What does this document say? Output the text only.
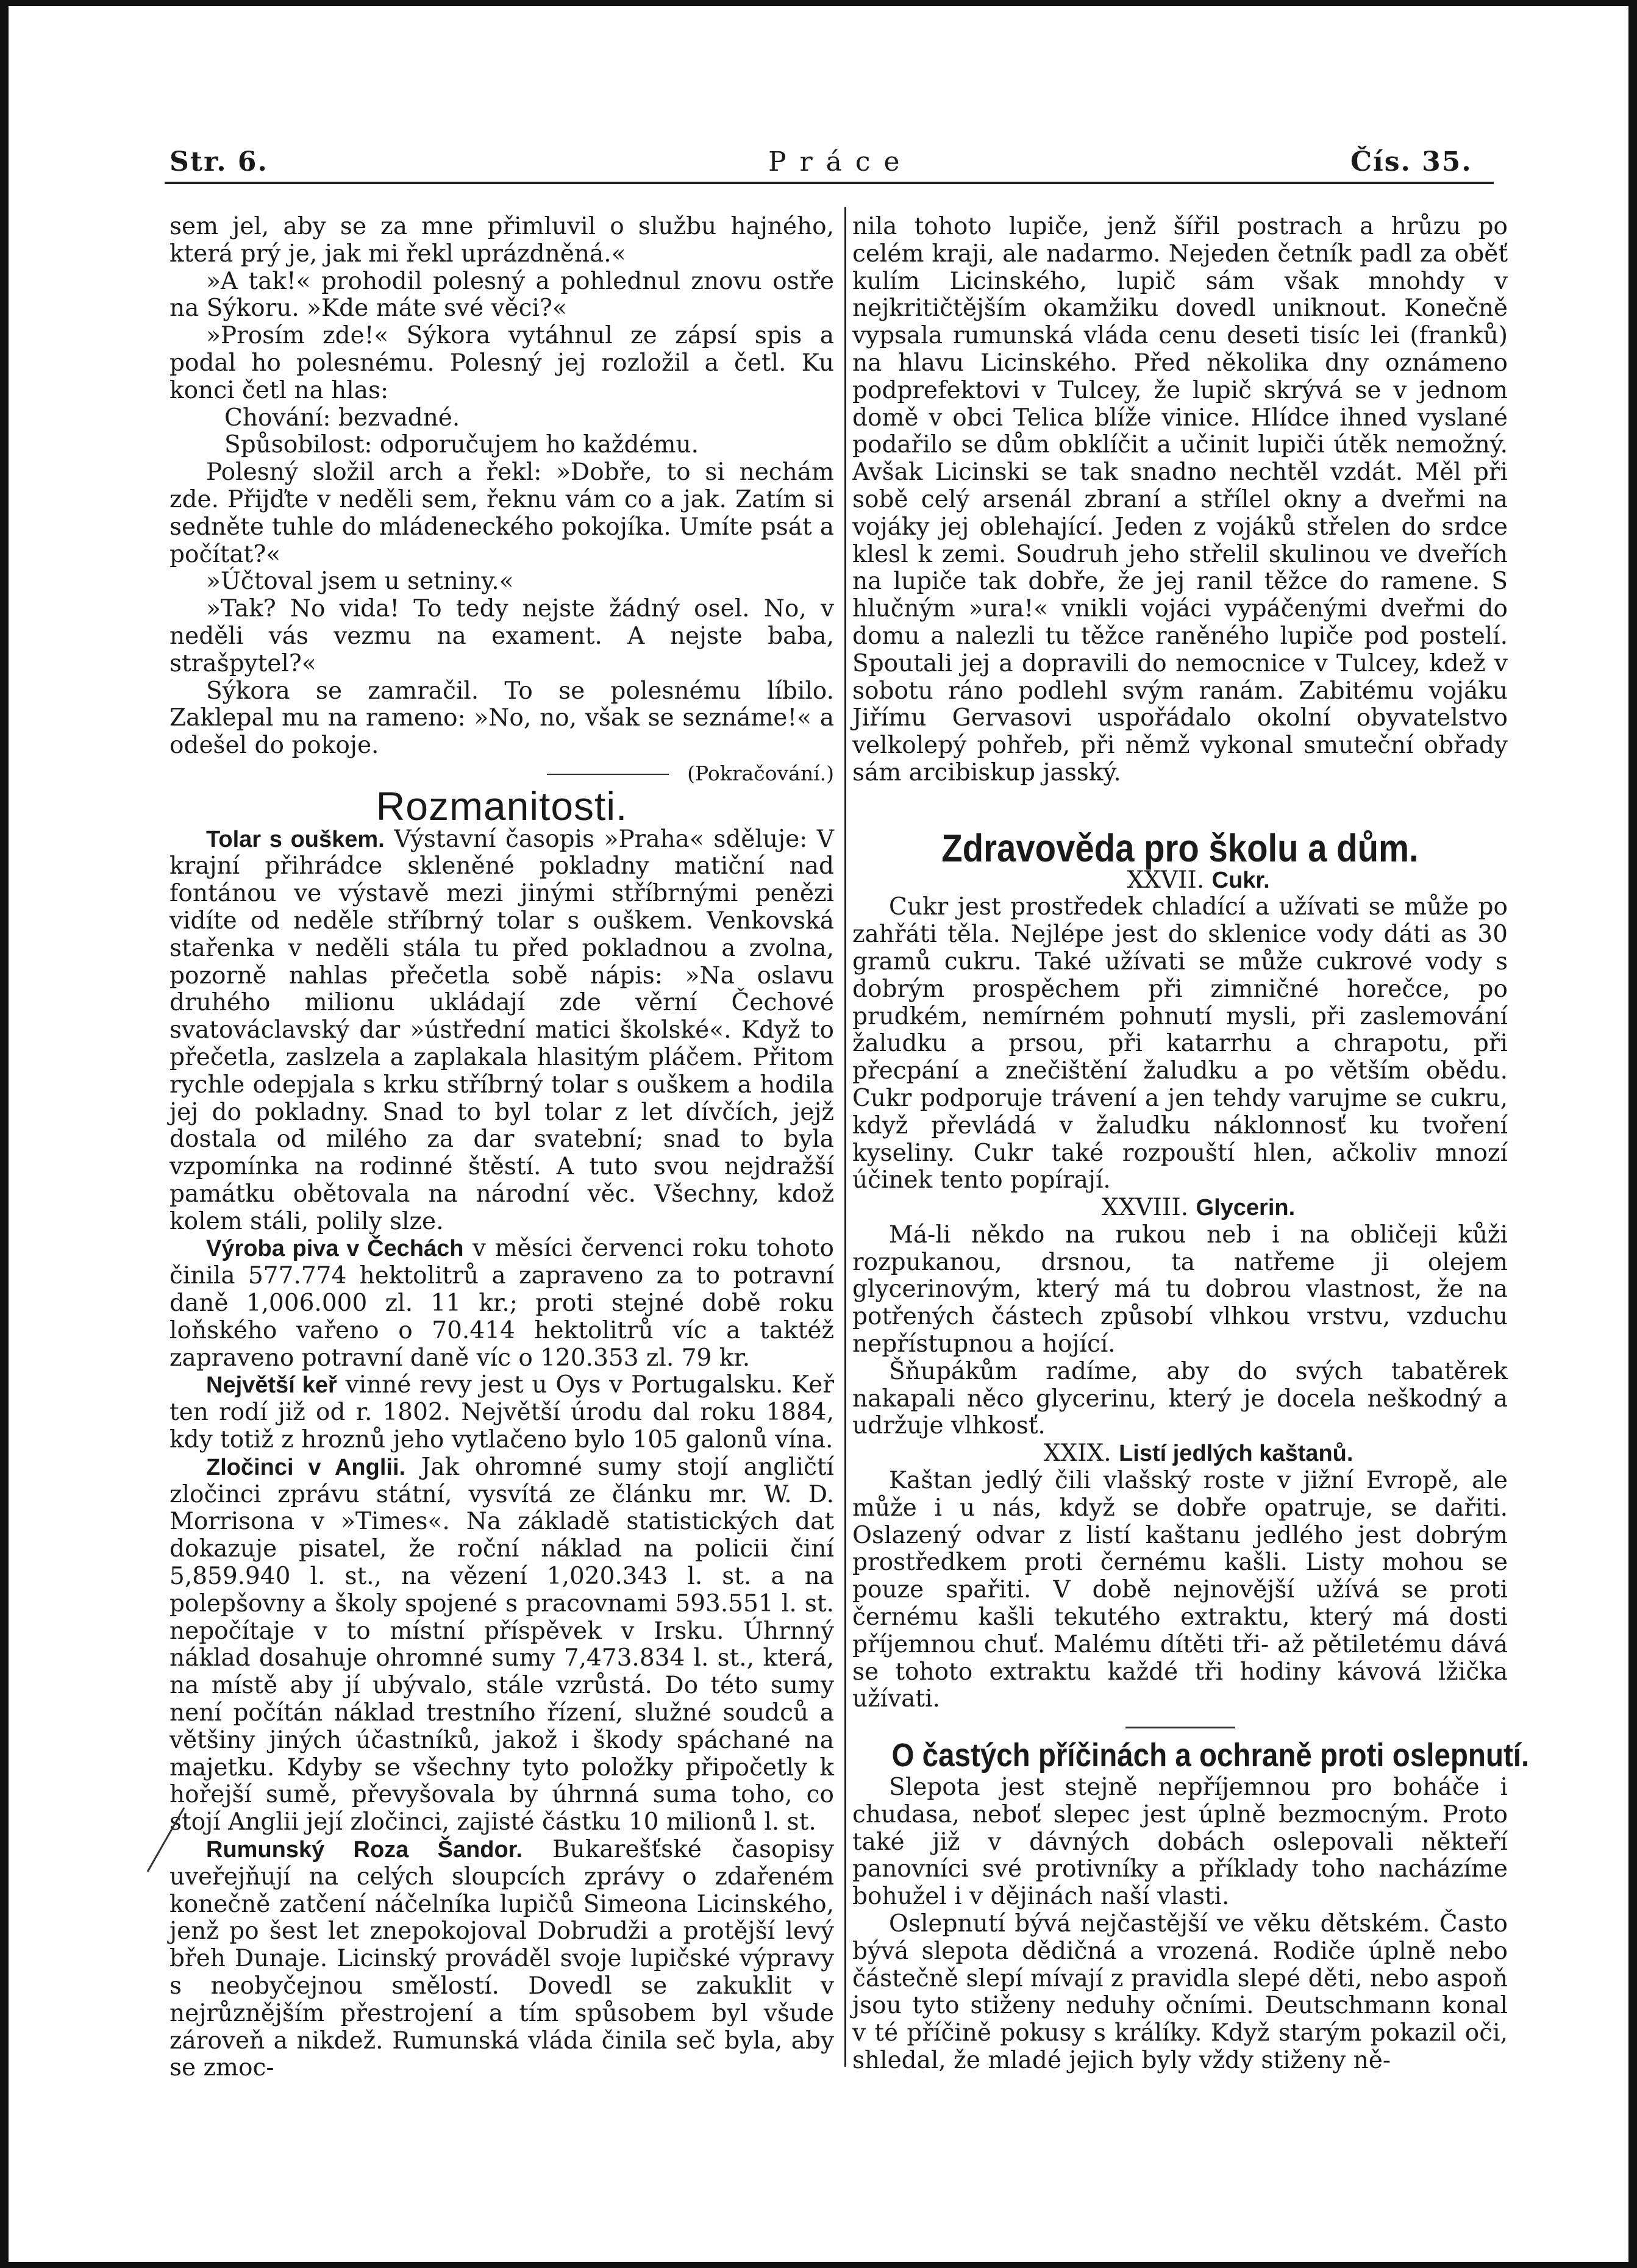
Str. 6.	Práce	Čís. 35.

sem jel, aby se za mne přimluvil o službu hajného, která prý je, jak mi řekl uprázdněná.«

»A tak!« prohodil polesný a pohlednul znovu ostře na Sýkoru. »Kde máte své věci?«

»Prosím zde!« Sýkora vytáhnul ze zápsí spis a podal ho polesnému. Polesný jej rozložil a četl. Ku konci četl na hlas:

Chování: bezvadné.

Spůsobilost: odporučujem ho každému.

Polesný složil arch a řekl: »Dobře, to si nechám zde. Přijďte v neděli sem, řeknu vám co a jak. Zatím si sedněte tuhle do mládeneckého pokojíka. Umíte psát a počítat?«

»Účtoval jsem u setniny.«

»Tak? No vida! To tedy nejste žádný osel. No, v neděli vás vezmu na exament. A nejste baba, strašpytel?«

Sýkora se zamračil. To se polesnému líbilo. Zaklepal mu na rameno: »No, no, však se seznáme!« a odešel do pokoje.

(Pokračování.)

Rozmanitosti.

Tolar s ouškem. Výstavní časopis »Praha« sděluje: V krajní přihrádce skleněné pokladny matiční nad fontánou ve výstavě mezi jinými stříbrnými penězi vidíte od neděle stříbrný tolar s ouškem. Venkovská stařenka v neděli stála tu před pokladnou a zvolna, pozorně nahlas přečetla sobě nápis: »Na oslavu druhého milionu ukládají zde věrní Čechové svatováclavský dar »ústřední matici školské«. Když to přečetla, zaslzela a zaplakala hlasitým pláčem. Přitom rychle odepjala s krku stříbrný tolar s ouškem a hodila jej do pokladny. Snad to byl tolar z let dívčích, jejž dostala od milého za dar svatební; snad to byla vzpomínka na rodinné štěstí. A tuto svou nejdražší památku obětovala na národní věc. Všechny, kdož kolem stáli, polily slze.

Výroba piva v Čechách v měsíci červenci roku tohoto činila 577.774 hektolitrů a zapraveno za to potravní daně 1,006.000 zl. 11 kr.; proti stejné době roku loňského vařeno o 70.414 hektolitrů víc a taktéž zapraveno potravní daně víc o 120.353 zl. 79 kr.

Největší keř vinné revy jest u Oys v Portugalsku. Keř ten rodí již od r. 1802. Největší úrodu dal roku 1884, kdy totiž z hroznů jeho vytlačeno bylo 105 galonů vína.

Zločinci v Anglii. Jak ohromné sumy stojí angličtí zločinci zprávu státní, vysvítá ze článku mr. W. D. Morrisona v »Times«. Na základě statistických dat dokazuje pisatel, že roční náklad na policii činí 5,859.940 l. st., na vězení 1,020.343 l. st. a na polepšovny a školy spojené s pracovnami 593.551 l. st. nepočítaje v to místní příspěvek v Irsku. Úhrnný náklad dosahuje ohromné sumy 7,473.834 l. st., která, na místě aby jí ubývalo, stále vzrůstá. Do této sumy není počítán náklad trestního řízení, služné soudců a většiny jiných účastníků, jakož i škody spáchané na majetku. Kdyby se všechny tyto položky připočetly k hořejší sumě, převyšovala by úhrnná suma toho, co stojí Anglii její zločinci, zajisté částku 10 milionů l. st.

Rumunský Roza Šandor. Bukarešťské časopisy uveřejňují na celých sloupcích zprávy o zdařeném konečně zatčení náčelníka lupičů Simeona Licinského, jenž po šest let znepokojoval Dobrudži a protější levý břeh Dunaje. Licinský prováděl svoje lupičské výpravy s neobyčejnou smělostí. Dovedl se zakuklit v nejrůznějším přestrojení a tím spůsobem byl všude zároveň a nikdež. Rumunská vláda činila seč byla, aby se zmoc-

nila tohoto lupiče, jenž šířil postrach a hrůzu po celém kraji, ale nadarmo. Nejeden četník padl za oběť kulím Licinského, lupič sám však mnohdy v nejkritičtějším okamžiku dovedl uniknout. Konečně vypsala rumunská vláda cenu deseti tisíc lei (franků) na hlavu Licinského. Před několika dny oznámeno podprefektovi v Tulcey, že lupič skrývá se v jednom domě v obci Telica blíže vinice. Hlídce ihned vyslané podařilo se dům obklíčit a učinit lupiči útěk nemožný. Avšak Licinski se tak snadno nechtěl vzdát. Měl při sobě celý arsenál zbraní a střílel okny a dveřmi na vojáky jej oblehající. Jeden z vojáků střelen do srdce klesl k zemi. Soudruh jeho střelil skulinou ve dveřích na lupiče tak dobře, že jej ranil těžce do ramene. S hlučným »ura!« vnikli vojáci vypáčenými dveřmi do domu a nalezli tu těžce raněného lupiče pod postelí. Spoutali jej a dopravili do nemocnice v Tulcey, kdež v sobotu ráno podlehl svým ranám. Zabitému vojáku Jiřímu Gervasovi uspořádalo okolní obyvatelstvo velkolepý pohřeb, při němž vykonal smuteční obřady sám arcibiskup jasský.

Zdravověda pro školu a dům.

XXVII. Cukr.

Cukr jest prostředek chladící a užívati se může po zahřáti těla. Nejlépe jest do sklenice vody dáti as 30 gramů cukru. Také užívati se může cukrové vody s dobrým prospěchem při zimničné horečce, po prudkém, nemírném pohnutí mysli, při zaslemování žaludku a prsou, při katarrhu a chrapotu, při přecpání a znečištění žaludku a po větším obědu. Cukr podporuje trávení a jen tehdy varujme se cukru, když převládá v žaludku náklonnosť ku tvoření kyseliny. Cukr také rozpouští hlen, ačkoliv mnozí účinek tento popírají.

XXVIII. Glycerin.

Má-li někdo na rukou neb i na obličeji kůži rozpukanou, drsnou, ta natřeme ji olejem glycerinovým, který má tu dobrou vlastnost, že na potřených částech způsobí vlhkou vrstvu, vzduchu nepřístupnou a hojící.

Šňupákům radíme, aby do svých tabatěrek nakapali něco glycerinu, který je docela neškodný a udržuje vlhkosť.

XXIX. Listí jedlých kaštanů.

Kaštan jedlý čili vlašský roste v jižní Evropě, ale může i u nás, když se dobře opatruje, se dařiti. Oslazený odvar z listí kaštanu jedlého jest dobrým prostředkem proti černému kašli. Listy mohou se pouze spařiti. V době nejnovější užívá se proti černému kašli tekutého extraktu, který má dosti příjemnou chuť. Malému dítěti tři- až pětiletému dává se tohoto extraktu každé tři hodiny kávová lžička užívati.

O častých příčinách a ochraně proti oslepnutí.

Slepota jest stejně nepříjemnou pro boháče i chudasa, neboť slepec jest úplně bezmocným. Proto také již v dávných dobách oslepovali někteří panovníci své protivníky a příklady toho nacházíme bohužel i v dějinách naší vlasti.

Oslepnutí bývá nejčastější ve věku dětském. Často bývá slepota dědičná a vrozená. Rodiče úplně nebo částečně slepí mívají z pravidla slepé děti, nebo aspoň jsou tyto stiženy neduhy očními. Deutschmann konal v té příčině pokusy s králíky. Když starým pokazil oči, shledal, že mladé jejich byly vždy stiženy ně-
